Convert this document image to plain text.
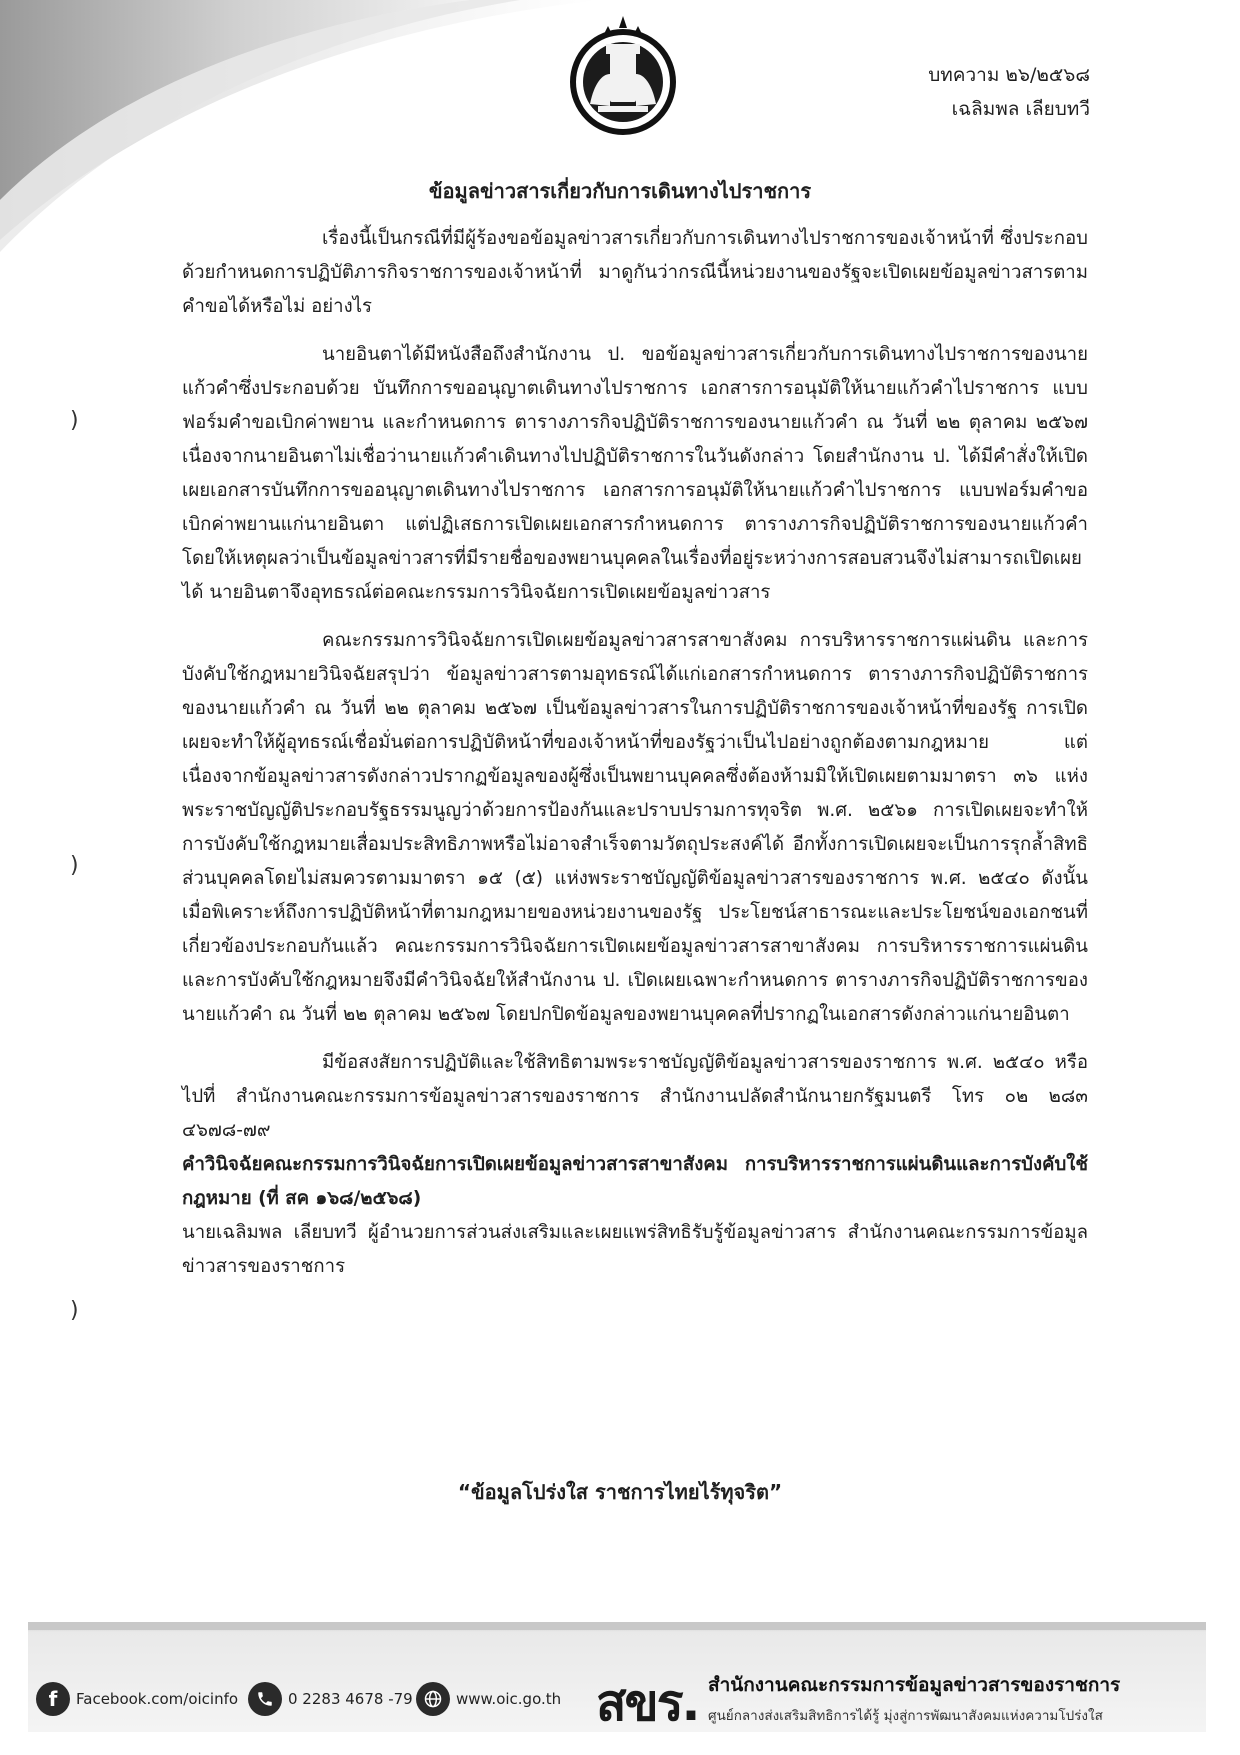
บทความ ๒๖/๒๕๖๘
เฉลิมพล เลียบทวี
ข้อมูลข่าวสารเกี่ยวกับการเดินทางไปราชการ

เรื่องนี้เป็นกรณีที่มีผู้ร้องขอข้อมูลข่าวสารเกี่ยวกับการเดินทางไปราชการของเจ้าหน้าที่ ซึ่งประกอบด้วยกำหนดการปฏิบัติภารกิจราชการของเจ้าหน้าที่ มาดูกันว่ากรณีนี้หน่วยงานของรัฐจะเปิดเผยข้อมูลข่าวสารตามคำขอได้หรือไม่ อย่างไร

นายอินตาได้มีหนังสือถึงสำนักงาน ป. ขอข้อมูลข่าวสารเกี่ยวกับการเดินทางไปราชการของนายแก้วคำซึ่งประกอบด้วย บันทึกการขออนุญาตเดินทางไปราชการ เอกสารการอนุมัติให้นายแก้วคำไปราชการ แบบฟอร์มคำขอเบิกค่าพยาน และกำหนดการ ตารางภารกิจปฏิบัติราชการของนายแก้วคำ ณ วันที่ ๒๒ ตุลาคม ๒๕๖๗ เนื่องจากนายอินตาไม่เชื่อว่านายแก้วคำเดินทางไปปฏิบัติราชการในวันดังกล่าว โดยสำนักงาน ป. ได้มีคำสั่งให้เปิดเผยเอกสารบันทึกการขออนุญาตเดินทางไปราชการ เอกสารการอนุมัติให้นายแก้วคำไปราชการ แบบฟอร์มคำขอเบิกค่าพยานแก่นายอินตา แต่ปฏิเสธการเปิดเผยเอกสารกำหนดการ ตารางภารกิจปฏิบัติราชการของนายแก้วคำโดยให้เหตุผลว่าเป็นข้อมูลข่าวสารที่มีรายชื่อของพยานบุคคลในเรื่องที่อยู่ระหว่างการสอบสวนจึงไม่สามารถเปิดเผยได้ นายอินตาจึงอุทธรณ์ต่อคณะกรรมการวินิจฉัยการเปิดเผยข้อมูลข่าวสาร

คณะกรรมการวินิจฉัยการเปิดเผยข้อมูลข่าวสารสาขาสังคม การบริหารราชการแผ่นดิน และการบังคับใช้กฎหมายวินิจฉัยสรุปว่า ข้อมูลข่าวสารตามอุทธรณ์ได้แก่เอกสารกำหนดการ ตารางภารกิจปฏิบัติราชการของนายแก้วคำ ณ วันที่ ๒๒ ตุลาคม ๒๕๖๗ เป็นข้อมูลข่าวสารในการปฏิบัติราชการของเจ้าหน้าที่ของรัฐ การเปิดเผยจะทำให้ผู้อุทธรณ์เชื่อมั่นต่อการปฏิบัติหน้าที่ของเจ้าหน้าที่ของรัฐว่าเป็นไปอย่างถูกต้องตามกฎหมาย แต่เนื่องจากข้อมูลข่าวสารดังกล่าวปรากฏข้อมูลของผู้ซึ่งเป็นพยานบุคคลซึ่งต้องห้ามมิให้เปิดเผยตามมาตรา ๓๖ แห่งพระราชบัญญัติประกอบรัฐธรรมนูญว่าด้วยการป้องกันและปราบปรามการทุจริต พ.ศ. ๒๕๖๑ การเปิดเผยจะทำให้การบังคับใช้กฎหมายเสื่อมประสิทธิภาพหรือไม่อาจสำเร็จตามวัตถุประสงค์ได้ อีกทั้งการเปิดเผยจะเป็นการรุกล้ำสิทธิส่วนบุคคลโดยไม่สมควรตามมาตรา ๑๕ (๕) แห่งพระราชบัญญัติข้อมูลข่าวสารของราชการ พ.ศ. ๒๕๔๐ ดังนั้น เมื่อพิเคราะห์ถึงการปฏิบัติหน้าที่ตามกฎหมายของหน่วยงานของรัฐ ประโยชน์สาธารณะและประโยชน์ของเอกชนที่เกี่ยวข้องประกอบกันแล้ว คณะกรรมการวินิจฉัยการเปิดเผยข้อมูลข่าวสารสาขาสังคม การบริหารราชการแผ่นดินและการบังคับใช้กฎหมายจึงมีคำวินิจฉัยให้สำนักงาน ป. เปิดเผยเฉพาะกำหนดการ ตารางภารกิจปฏิบัติราชการของนายแก้วคำ ณ วันที่ ๒๒ ตุลาคม ๒๕๖๗ โดยปกปิดข้อมูลของพยานบุคคลที่ปรากฏในเอกสารดังกล่าวแก่นายอินตา

มีข้อสงสัยการปฏิบัติและใช้สิทธิตามพระราชบัญญัติข้อมูลข่าวสารของราชการ พ.ศ. ๒๕๔๐ หรือไปที่ สำนักงานคณะกรรมการข้อมูลข่าวสารของราชการ สำนักงานปลัดสำนักนายกรัฐมนตรี โทร ๐๒ ๒๘๓ ๔๖๗๘-๗๙

คำวินิจฉัยคณะกรรมการวินิจฉัยการเปิดเผยข้อมูลข่าวสารสาขาสังคม การบริหารราชการแผ่นดินและการบังคับใช้กฎหมาย (ที่ สค ๑๖๘/๒๕๖๘)

นายเฉลิมพล เลียบทวี ผู้อำนวยการส่วนส่งเสริมและเผยแพร่สิทธิรับรู้ข้อมูลข่าวสาร สำนักงานคณะกรรมการข้อมูลข่าวสารของราชการ

)
)
)
“ข้อมูลโปร่งใส ราชการไทยไร้ทุจริต”
f	Facebook.com/oicinfo	0 2283 4678 -79	www.oic.go.th สขร. สำนักงานคณะกรรมการข้อมูลข่าวสารของราชการ
ศูนย์กลางส่งเสริมสิทธิการได้รู้ มุ่งสู่การพัฒนาสังคมแห่งความโปร่งใส
